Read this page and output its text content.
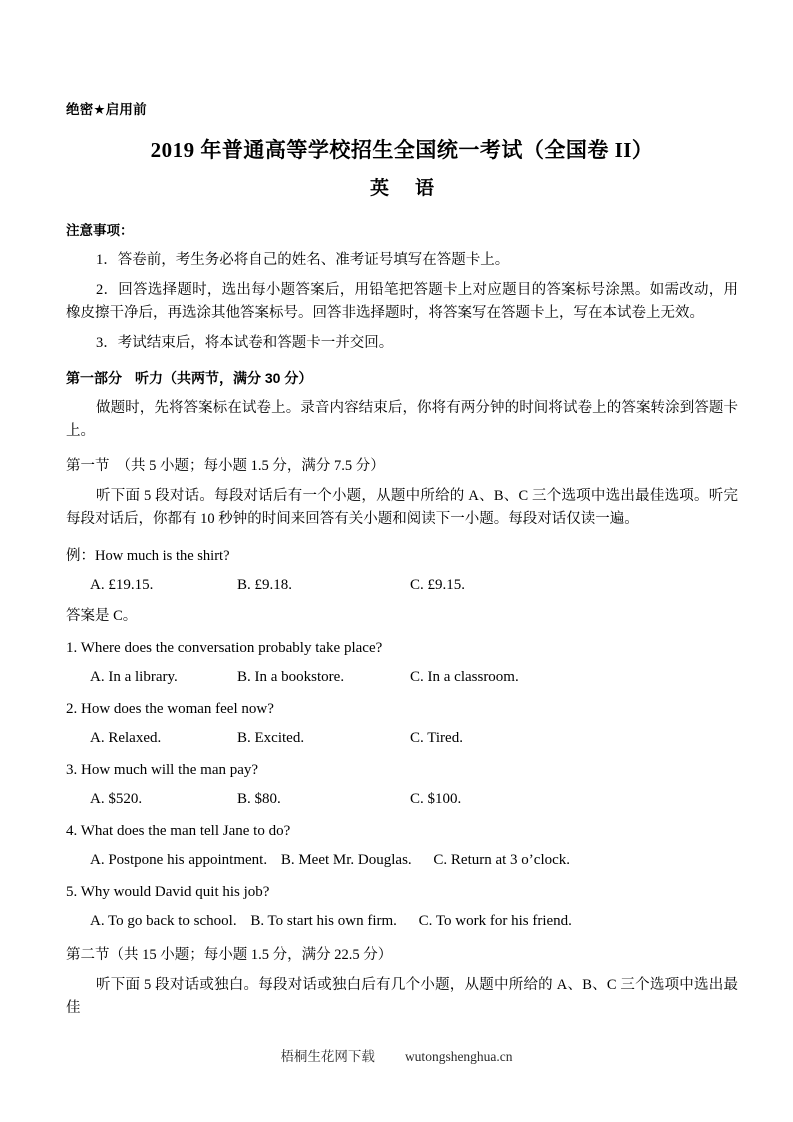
绝密★启用前
2019 年普通高等学校招生全国统一考试（全国卷 II）
英 语
注意事项：
1．答卷前，考生务必将自己的姓名、准考证号填写在答题卡上。
2．回答选择题时，选出每小题答案后，用铅笔把答题卡上对应题目的答案标号涂黑。如需改动，用橡皮擦干净后，再选涂其他答案标号。回答非选择题时，将答案写在答题卡上，写在本试卷上无效。
3．考试结束后，将本试卷和答题卡一并交回。
第一部分 听力（共两节，满分 30 分）
做题时，先将答案标在试卷上。录音内容结束后，你将有两分钟的时间将试卷上的答案转涂到答题卡上。
第一节 （共 5 小题；每小题 1.5 分，满分 7.5 分）
听下面 5 段对话。每段对话后有一个小题，从题中所给的 A、B、C 三个选项中选出最佳选项。听完每段对话后，你都有 10 秒钟的时间来回答有关小题和阅读下一小题。每段对话仅读一遍。
例：How much is the shirt?
A. £19.15.	B. £9.18.	C. £9.15.
答案是 C。
1. Where does the conversation probably take place?
A. In a library.	B. In a bookstore.	C. In a classroom.
2. How does the woman feel now?
A. Relaxed.	B. Excited.	C. Tired.
3. How much will the man pay?
A. $520.	B. $80.	C. $100.
4. What does the man tell Jane to do?
A. Postpone his appointment. B. Meet Mr. Douglas. C. Return at 3 o’clock.
5. Why would David quit his job?
A. To go back to school. B. To start his own firm. C. To work for his friend.
第二节（共 15 小题；每小题 1.5 分，满分 22.5 分）
听下面 5 段对话或独白。每段对话或独白后有几个小题，从题中所给的 A、B、C 三个选项中选出最佳
梧桐生花网下载 wutongshenghua.cn
